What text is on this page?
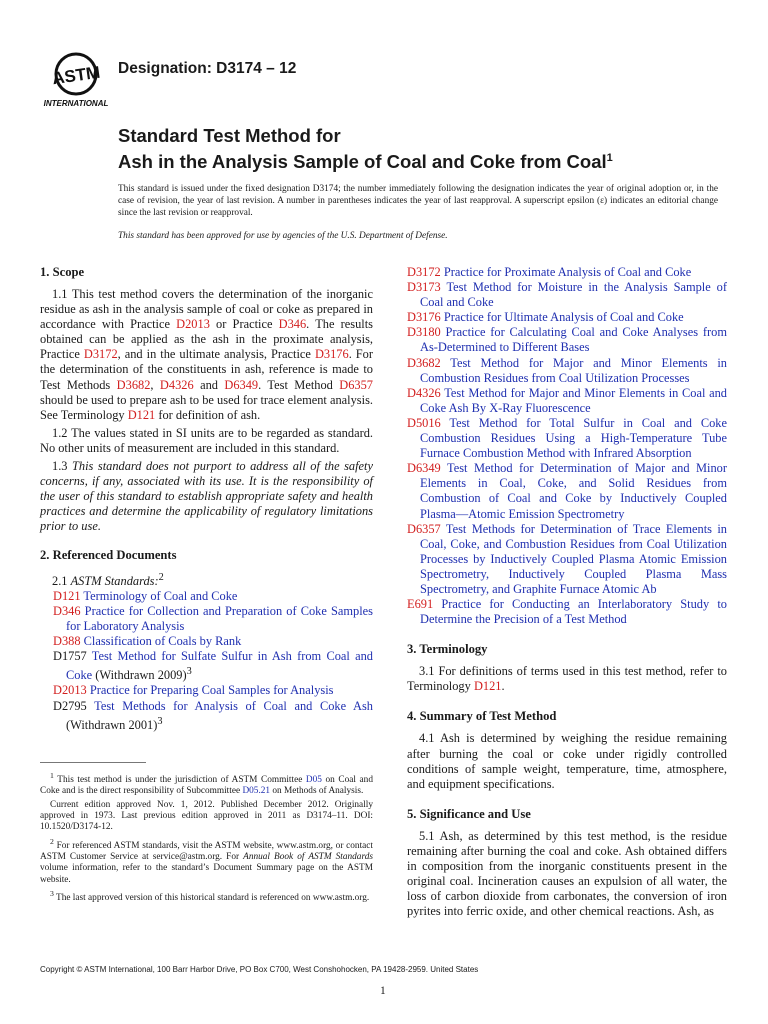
ASTM
INTERNATIONAL
Designation: D3174 – 12
Standard Test Method for
Ash in the Analysis Sample of Coal and Coke from Coal$^1$
This standard is issued under the fixed designation D3174; the number immediately following the designation indicates the year of original adoption or, in the case of revision, the year of last revision. A number in parentheses indicates the year of last reapproval. A superscript epsilon (ε) indicates an editorial change since the last revision or reapproval.
This standard has been approved for use by agencies of the U.S. Department of Defense.
1. Scope

1.1 This test method covers the determination of the inorganic residue as ash in the analysis sample of coal or coke as prepared in accordance with Practice D2013 or Practice D346. The results obtained can be applied as the ash in the proximate analysis, Practice D3172, and in the ultimate analysis, Practice D3176. For the determination of the constituents in ash, reference is made to Test Methods D3682, D4326 and D6349. Test Method D6357 should be used to prepare ash to be used for trace element analysis. See Terminology D121 for definition of ash.

1.2 The values stated in SI units are to be regarded as standard. No other units of measurement are included in this standard.

1.3 This standard does not purport to address all of the safety concerns, if any, associated with its use. It is the responsibility of the user of this standard to establish appropriate safety and health practices and determine the applicability of regulatory limitations prior to use.

2. Referenced Documents

2.1 ASTM Standards:$^2$

D121 Terminology of Coal and Coke
D346 Practice for Collection and Preparation of Coke Samples for Laboratory Analysis
D388 Classification of Coals by Rank
D1757 Test Method for Sulfate Sulfur in Ash from Coal and Coke (Withdrawn 2009)$^3$
D2013 Practice for Preparing Coal Samples for Analysis
D2795 Test Methods for Analysis of Coal and Coke Ash (Withdrawn 2001)$^3$

$^1$ This test method is under the jurisdiction of ASTM Committee D05 on Coal and Coke and is the direct responsibility of Subcommittee D05.21 on Methods of Analysis.

Current edition approved Nov. 1, 2012. Published December 2012. Originally approved in 1973. Last previous edition approved in 2011 as D3174–11. DOI: 10.1520/D3174-12.

$^2$ For referenced ASTM standards, visit the ASTM website, www.astm.org, or contact ASTM Customer Service at service@astm.org. For Annual Book of ASTM Standards volume information, refer to the standard’s Document Summary page on the ASTM website.

$^3$ The last approved version of this historical standard is referenced on www.astm.org.

D3172 Practice for Proximate Analysis of Coal and Coke
D3173 Test Method for Moisture in the Analysis Sample of Coal and Coke
D3176 Practice for Ultimate Analysis of Coal and Coke
D3180 Practice for Calculating Coal and Coke Analyses from As-Determined to Different Bases
D3682 Test Method for Major and Minor Elements in Combustion Residues from Coal Utilization Processes
D4326 Test Method for Major and Minor Elements in Coal and Coke Ash By X-Ray Fluorescence
D5016 Test Method for Total Sulfur in Coal and Coke Combustion Residues Using a High-Temperature Tube Furnace Combustion Method with Infrared Absorption
D6349 Test Method for Determination of Major and Minor Elements in Coal, Coke, and Solid Residues from Combustion of Coal and Coke by Inductively Coupled Plasma—Atomic Emission Spectrometry
D6357 Test Methods for Determination of Trace Elements in Coal, Coke, and Combustion Residues from Coal Utilization Processes by Inductively Coupled Plasma Atomic Emission Spectrometry, Inductively Coupled Plasma Mass Spectrometry, and Graphite Furnace Atomic Ab
E691 Practice for Conducting an Interlaboratory Study to Determine the Precision of a Test Method
3. Terminology

3.1 For definitions of terms used in this test method, refer to Terminology D121.

4. Summary of Test Method

4.1 Ash is determined by weighing the residue remaining after burning the coal or coke under rigidly controlled conditions of sample weight, temperature, time, atmosphere, and equipment specifications.

5. Significance and Use

5.1 Ash, as determined by this test method, is the residue remaining after burning the coal and coke. Ash obtained differs in composition from the inorganic constituents present in the original coal. Incineration causes an expulsion of all water, the loss of carbon dioxide from carbonates, the conversion of iron pyrites into ferric oxide, and other chemical reactions. Ash, as

Copyright © ASTM International, 100 Barr Harbor Drive, PO Box C700, West Conshohocken, PA 19428-2959. United States
1
